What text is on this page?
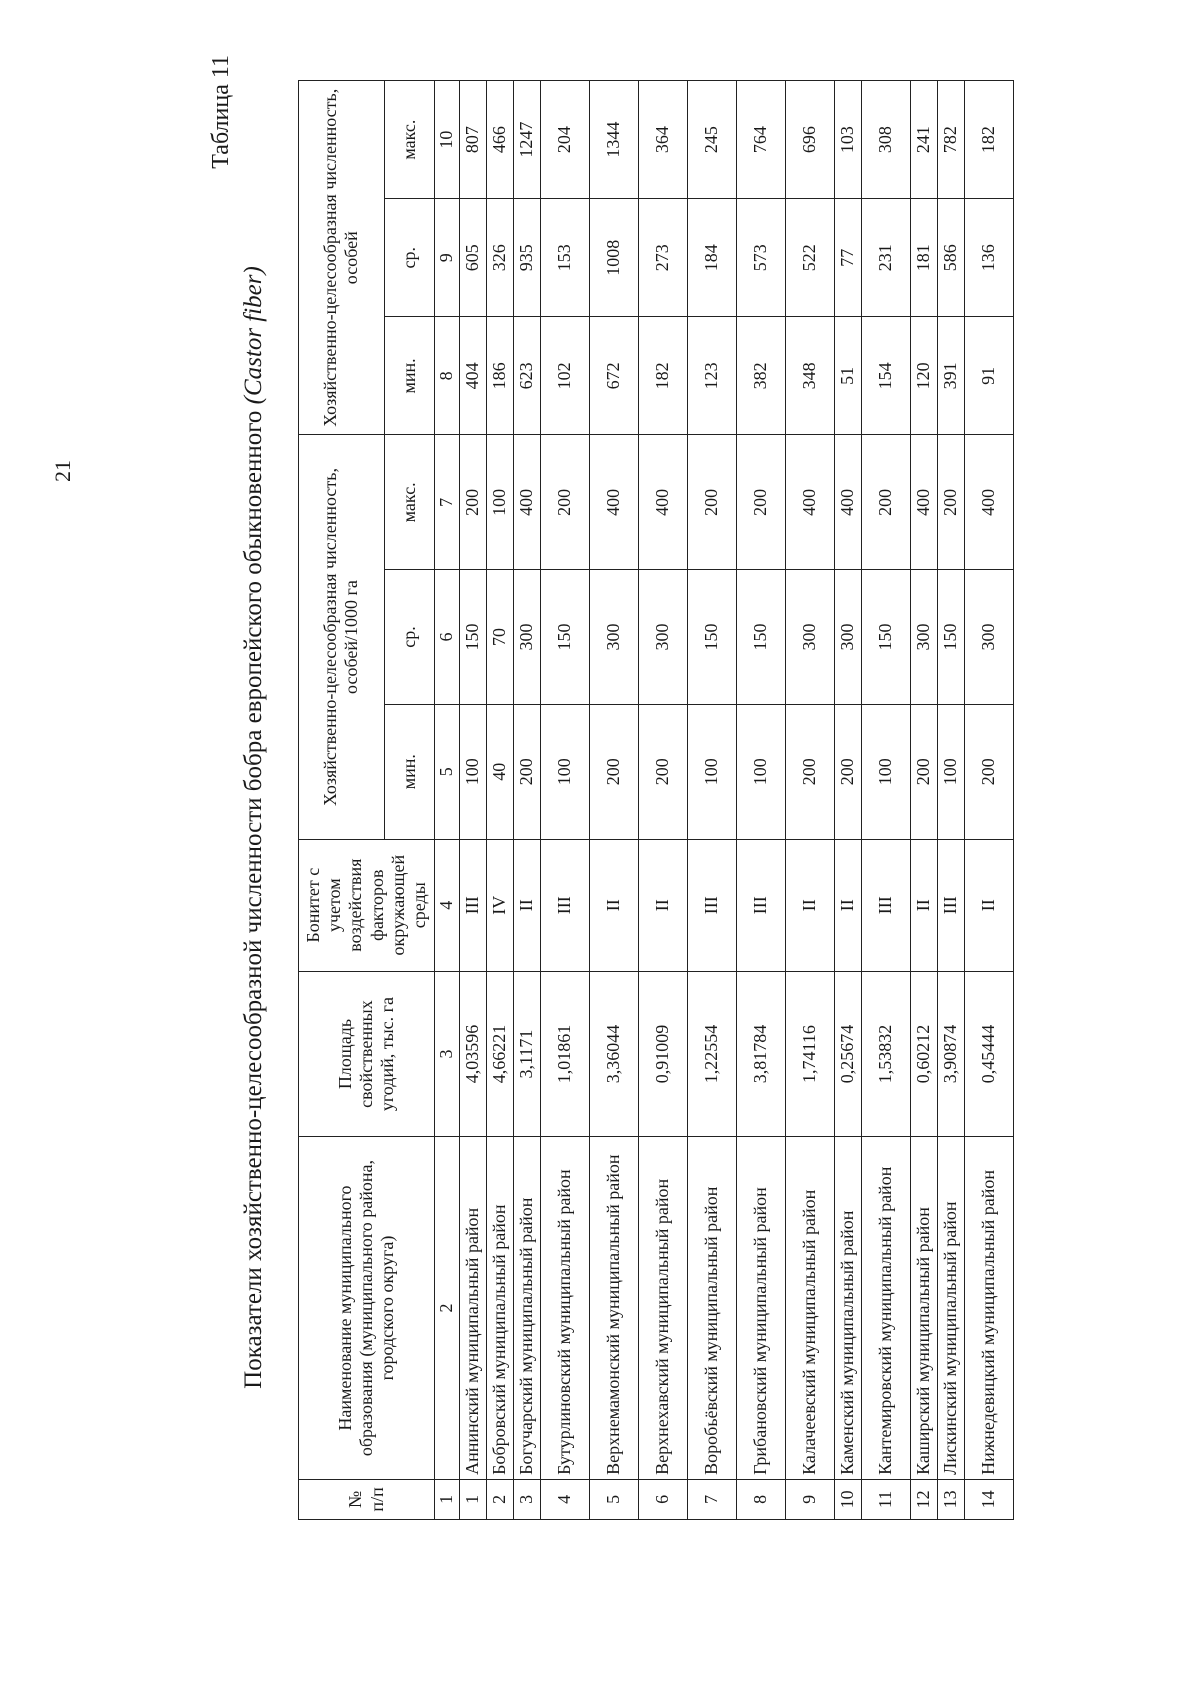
21
Таблица 11
Показатели хозяйственно-целесообразной численности бобра европейского обыкновенного (Castor fiber)
№ п/п	Наименование муниципального образования (муниципального района, городского округа)	Площадь свойственных угодий, тыс. га	Бонитет с учетом воздействия факторов окружающей среды	Хозяйственно-целесообразная численность, особей/1000 га			Хозяйственно-целесообразная численность, особей		
				мин.	ср.	макс.	мин.	ср.	макс.
1	2	3	4	5	6	7	8	9	10
1	Аннинский муниципальный район	4,03596	III	100	150	200	404	605	807
2	Бобровский муниципальный район	4,66221	IV	40	70	100	186	326	466
3	Богучарский муниципальный район	3,1171	II	200	300	400	623	935	1247
4	Бутурлиновский муниципальный район	1,01861	III	100	150	200	102	153	204
5	Верхнемамонский муниципальный район	3,36044	II	200	300	400	672	1008	1344
6	Верхнехавский муниципальный район	0,91009	II	200	300	400	182	273	364
7	Воробьёвский муниципальный район	1,22554	III	100	150	200	123	184	245
8	Грибановский муниципальный район	3,81784	III	100	150	200	382	573	764
9	Калачеевский муниципальный район	1,74116	II	200	300	400	348	522	696
10	Каменский муниципальный район	0,25674	II	200	300	400	51	77	103
11	Кантемировский муниципальный район	1,53832	III	100	150	200	154	231	308
12	Каширский муниципальный район	0,60212	II	200	300	400	120	181	241
13	Лискинский муниципальный район	3,90874	III	100	150	200	391	586	782
14	Нижнедевицкий муниципальный район	0,45444	II	200	300	400	91	136	182
